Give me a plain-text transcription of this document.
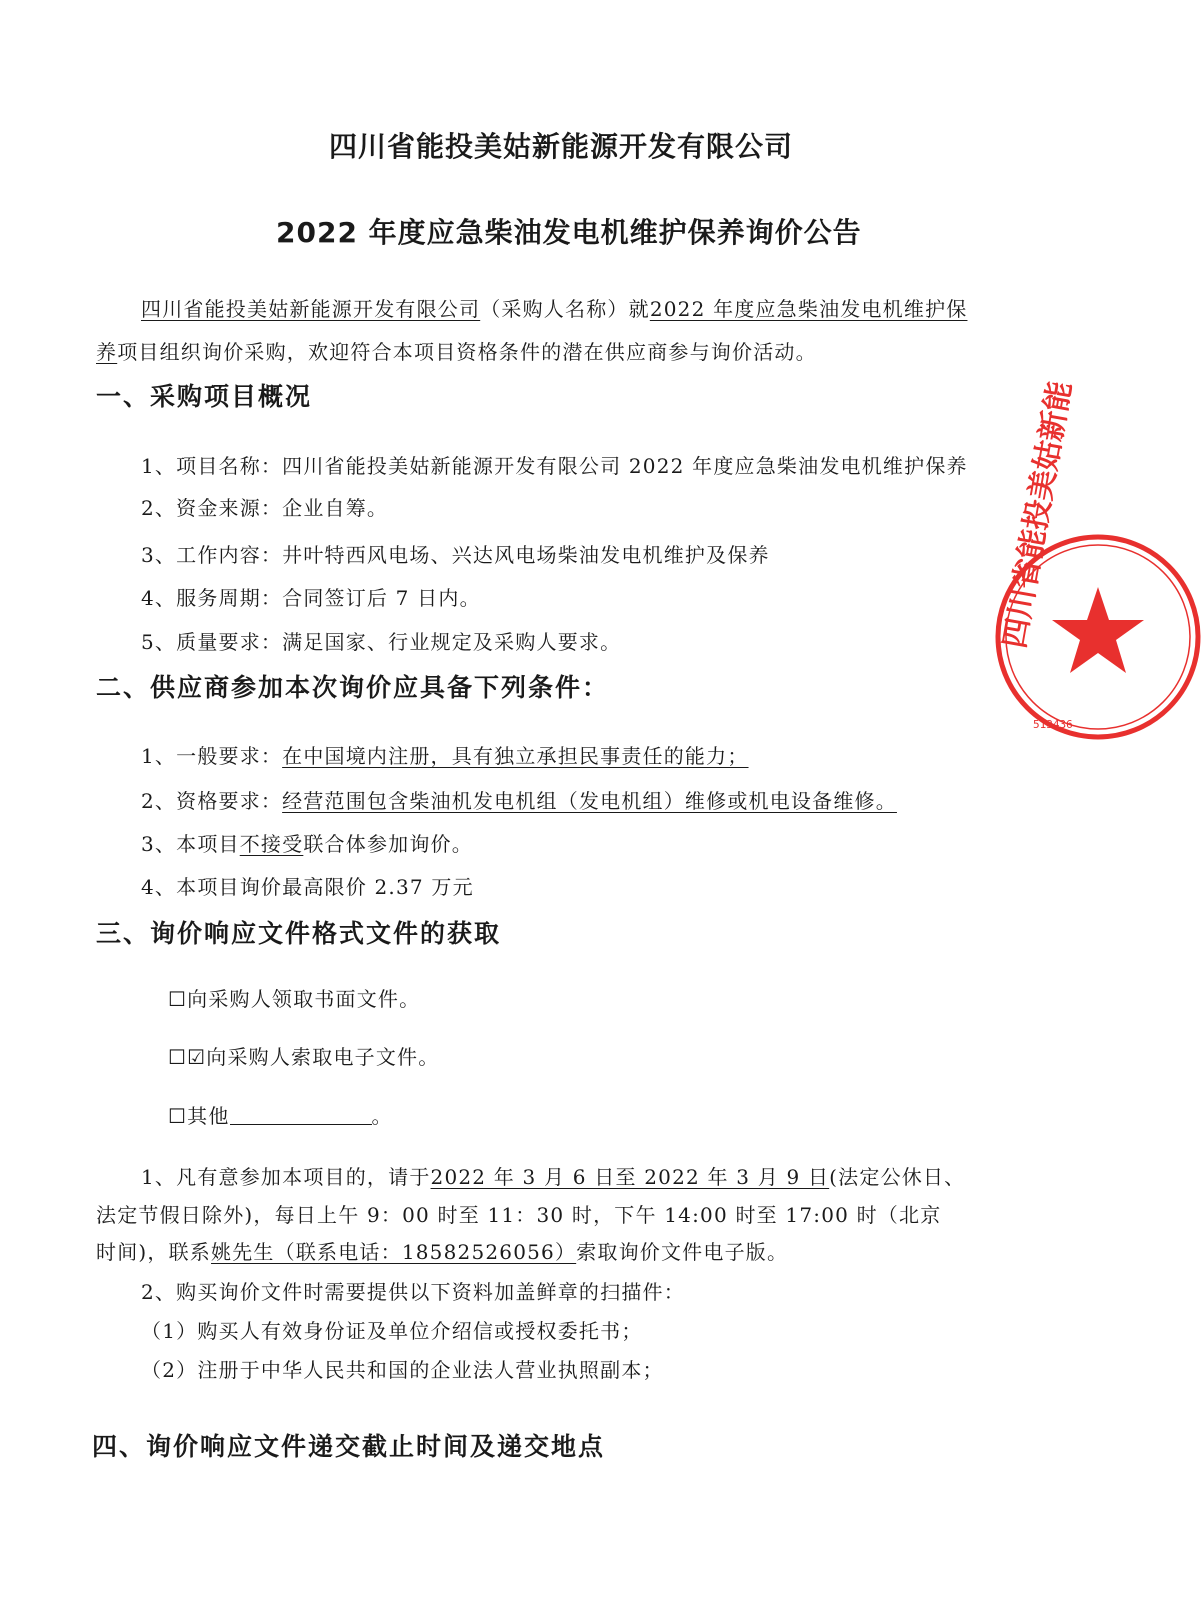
四川省能投美姑新能源开发有限公司
2022 年度应急柴油发电机维护保养询价公告
四川省能投美姑新能源开发有限公司（采购人名称）就2022 年度应急柴油发电机维护保
养项目组织询价采购，欢迎符合本项目资格条件的潜在供应商参与询价活动。
一、采购项目概况
1、项目名称：四川省能投美姑新能源开发有限公司 2022 年度应急柴油发电机维护保养
2、资金来源：企业自筹。
3、工作内容：井叶特西风电场、兴达风电场柴油发电机维护及保养
4、服务周期：合同签订后 7 日内。
5、质量要求：满足国家、行业规定及采购人要求。
二、供应商参加本次询价应具备下列条件：
1、一般要求：在中国境内注册，具有独立承担民事责任的能力；
2、资格要求：经营范围包含柴油机发电机组（发电机组）维修或机电设备维修。
3、本项目不接受联合体参加询价。
4、本项目询价最高限价 2.37 万元
三、询价响应文件格式文件的获取
☐向采购人领取书面文件。
☐☑向采购人索取电子文件。
☐其他	。
1、凡有意参加本项目的，请于2022 年 3 月 6 日至 2022 年 3 月 9 日(法定公休日、
法定节假日除外)，每日上午 9：00 时至 11：30 时，下午 14:00 时至 17:00 时（北京
时间)，联系姚先生（联系电话：18582526056）索取询价文件电子版。
2、购买询价文件时需要提供以下资料加盖鲜章的扫描件：
（1）购买人有效身份证及单位介绍信或授权委托书；
（2）注册于中华人民共和国的企业法人营业执照副本；
四、询价响应文件递交截止时间及递交地点
四川省能投美姑新能
513436
